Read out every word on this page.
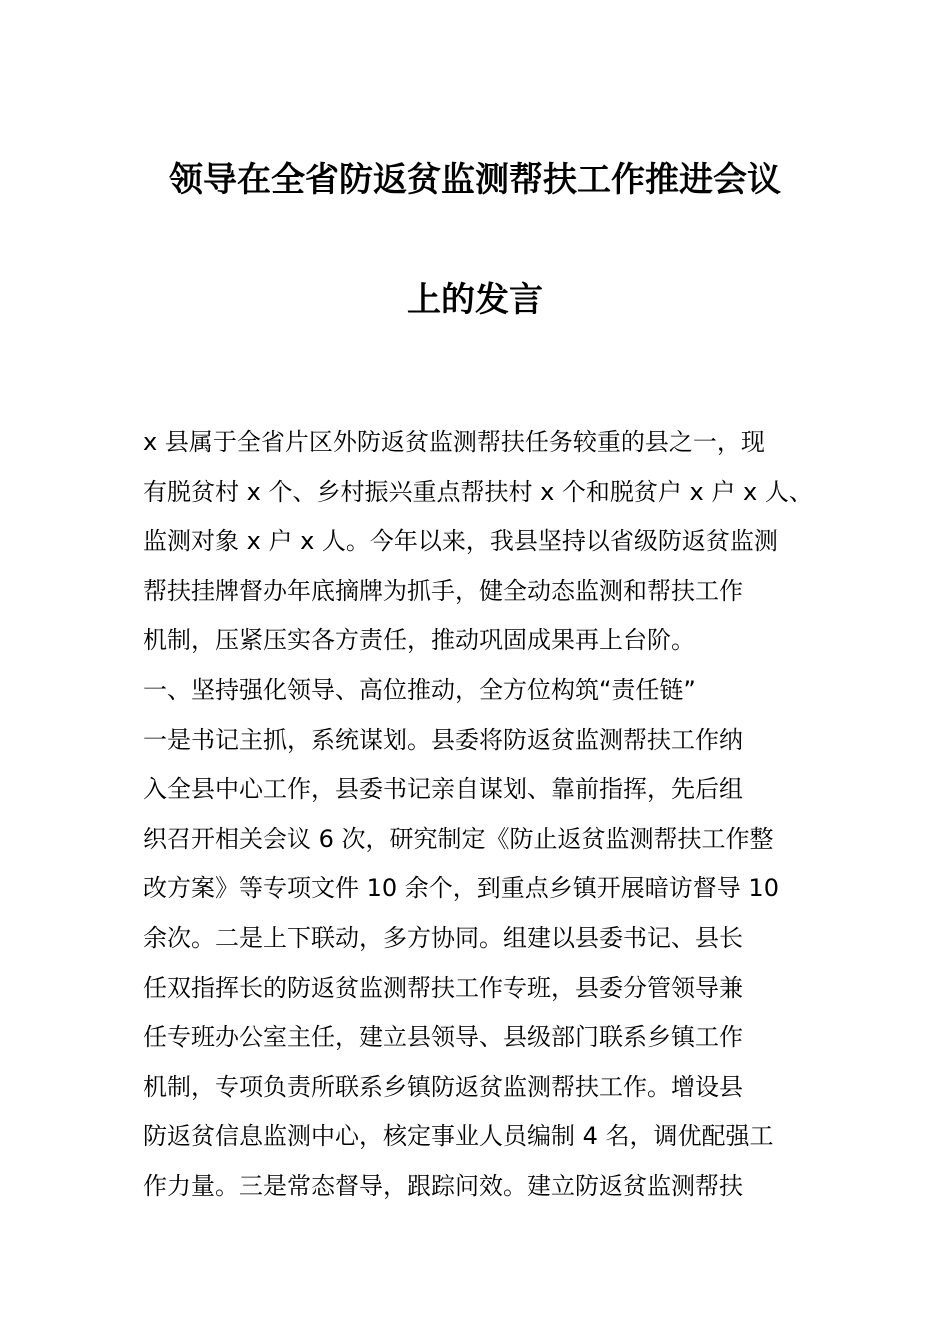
领导在全省防返贫监测帮扶工作推进会议
上的发言
x 县属于全省片区外防返贫监测帮扶任务较重的县之一，现
有脱贫村 x 个、乡村振兴重点帮扶村 x 个和脱贫户 x 户 x 人、
监测对象 x 户 x 人。今年以来，我县坚持以省级防返贫监测
帮扶挂牌督办年底摘牌为抓手，健全动态监测和帮扶工作
机制，压紧压实各方责任，推动巩固成果再上台阶。
一、坚持强化领导、高位推动，全方位构筑“责任链”
一是书记主抓，系统谋划。县委将防返贫监测帮扶工作纳
入全县中心工作，县委书记亲自谋划、靠前指挥，先后组
织召开相关会议 6 次，研究制定《防止返贫监测帮扶工作整
改方案》等专项文件 10 余个，到重点乡镇开展暗访督导 10
余次。二是上下联动，多方协同。组建以县委书记、县长
任双指挥长的防返贫监测帮扶工作专班，县委分管领导兼
任专班办公室主任，建立县领导、县级部门联系乡镇工作
机制，专项负责所联系乡镇防返贫监测帮扶工作。增设县
防返贫信息监测中心，核定事业人员编制 4 名，调优配强工
作力量。三是常态督导，跟踪问效。建立防返贫监测帮扶
